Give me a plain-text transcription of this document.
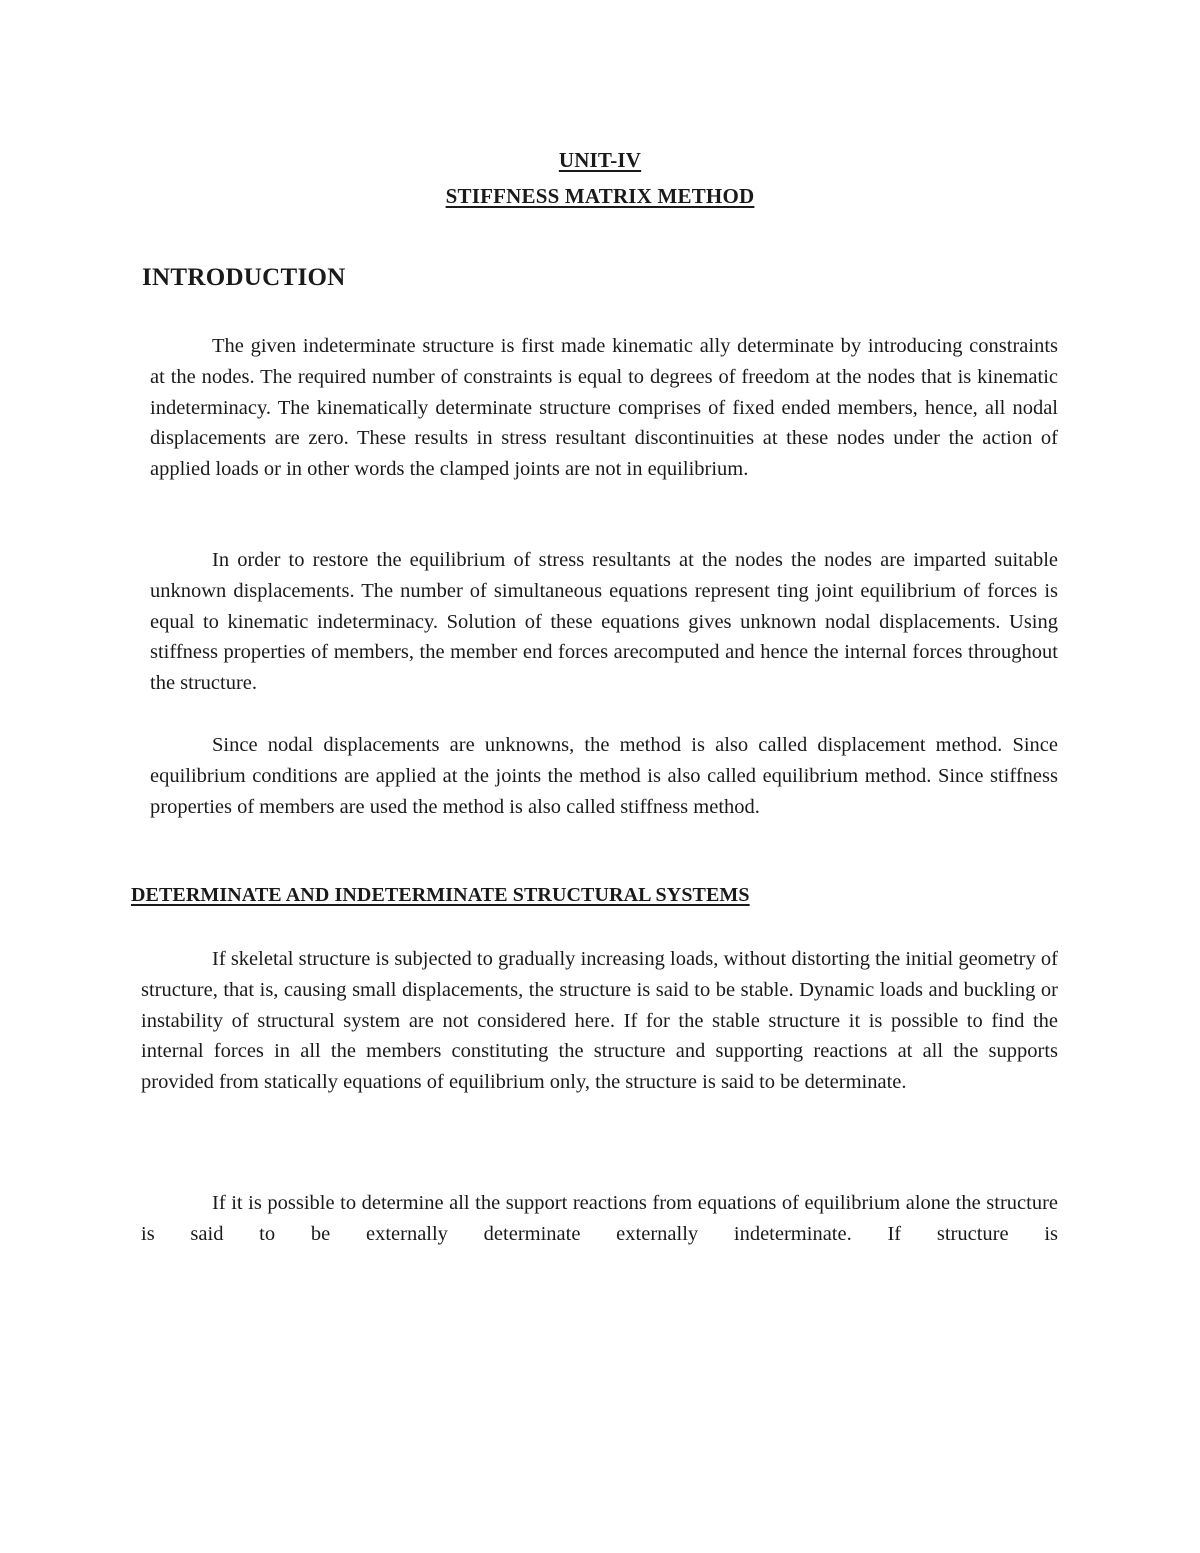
UNIT-IV
STIFFNESS MATRIX METHOD
INTRODUCTION

The given indeterminate structure is first made kinematic ally determinate by introducing constraints at the nodes. The required number of constraints is equal to degrees of freedom at the nodes that is kinematic indeterminacy. The kinematically determinate structure comprises of fixed ended members, hence, all nodal displacements are zero. These results in stress resultant discontinuities at these nodes under the action of applied loads or in other words the clamped joints are not in equilibrium.

In order to restore the equilibrium of stress resultants at the nodes the nodes are imparted suitable unknown displacements. The number of simultaneous equations represent ting joint equilibrium of forces is equal to kinematic indeterminacy. Solution of these equations gives unknown nodal displacements. Using stiffness properties of members, the member end forces arecomputed and hence the internal forces throughout the structure.

Since nodal displacements are unknowns, the method is also called displacement method. Since equilibrium conditions are applied at the joints the method is also called equilibrium method. Since stiffness properties of members are used the method is also called stiffness method.

DETERMINATE AND INDETERMINATE STRUCTURAL SYSTEMS

If skeletal structure is subjected to gradually increasing loads, without distorting the initial geometry of structure, that is, causing small displacements, the structure is said to be stable. Dynamic loads and buckling or instability of structural system are not considered here. If for the stable structure it is possible to find the internal forces in all the members constituting the structure and supporting reactions at all the supports provided from statically equations of equilibrium only, the structure is said to be determinate.

If it is possible to determine all the support reactions from equations of equilibrium alone the structure is said to be externally determinate externally indeterminate. If structure is
